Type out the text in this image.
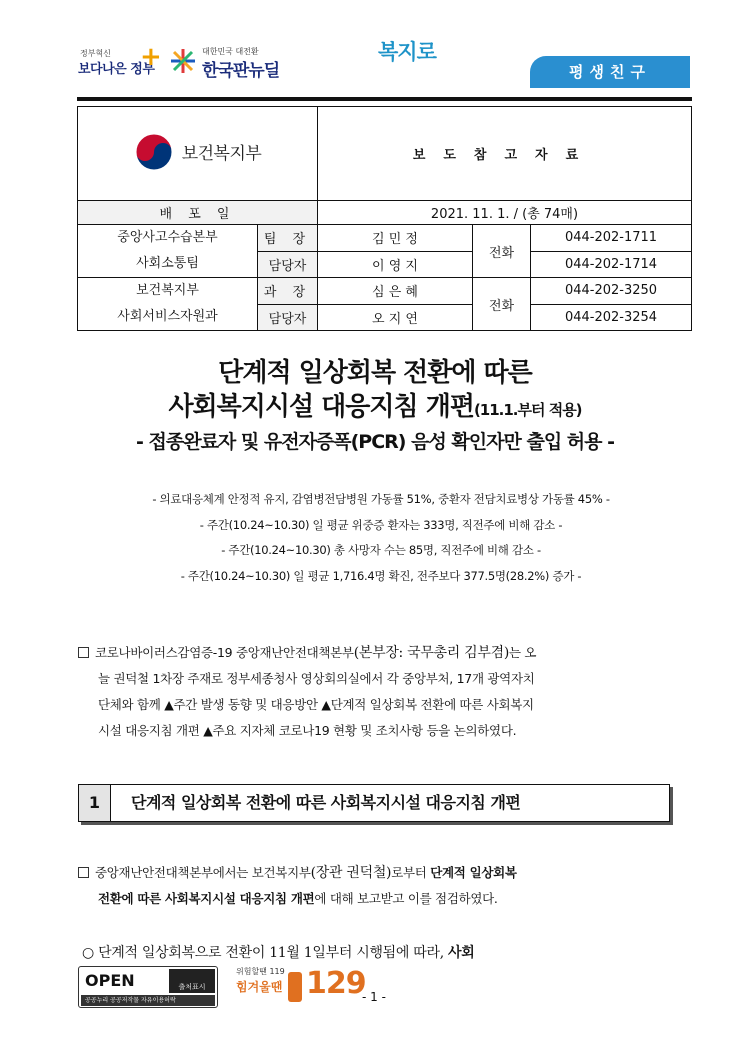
정부혁신
보다나은 정부
+	대한민국 대전환
한국판뉴딜
복지로
평생친구
보건복지부		보도참고자료		
배 포 일		2021. 11. 1. / (총 74매)		
중앙사고수습본부
사회소통팀	팀 장	김 민 정	전화	044-202-1711
	담당자	이 영 지		044-202-1714
보건복지부
사회서비스자원과	과 장	심 은 혜	전화	044-202-3250
	담당자	오 지 연		044-202-3254
단계적 일상회복 전환에 따른
사회복지시설 대응지침 개편(11.1.부터 적용)
- 접종완료자 및 유전자증폭(PCR) 음성 확인자만 출입 허용 -
- 의료대응체계 안정적 유지, 감염병전담병원 가동률 51%, 중환자 전담치료병상 가동률 45% -
- 주간(10.24~10.30) 일 평균 위중증 환자는 333명, 직전주에 비해 감소 -
- 주간(10.24~10.30) 총 사망자 수는 85명, 직전주에 비해 감소 -
- 주간(10.24~10.30) 일 평균 1,716.4명 확진, 전주보다 377.5명(28.2%) 증가 -
코로나바이러스감염증-19 중앙재난안전대책본부(본부장: 국무총리 김부겸)는 오
늘 권덕철 1차장 주재로 정부세종청사 영상회의실에서 각 중앙부처, 17개 광역자치
단체와 함께 ▲주간 발생 동향 및 대응방안 ▲단계적 일상회복 전환에 따른 사회복지
시설 대응지침 개편 ▲주요 지자체 코로나19 현황 및 조치사항 등을 논의하였다.
1	단계적 일상회복 전환에 따른 사회복지시설 대응지침 개편
중앙재난안전대책본부에서는 보건복지부(장관 권덕철)로부터 단계적 일상회복
전환에 따른 사회복지시설 대응지침 개편에 대해 보고받고 이를 점검하였다.
○ 단계적 일상회복으로 전환이 11월 1일부터 시행됨에 따라, 사회
OPEN	출처표시
공공누리 공공저작물 자유이용허락
위험할땐 119
힘겨울땐 129
- 1 -
